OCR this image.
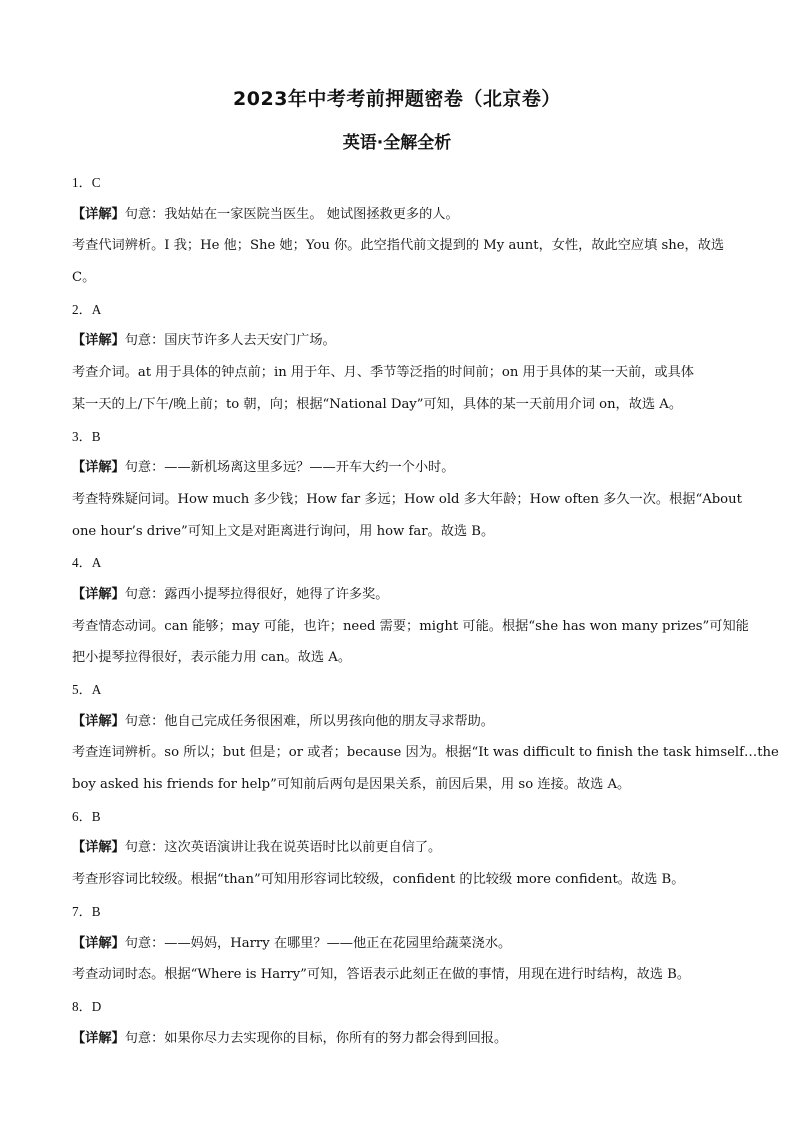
2023年中考考前押题密卷（北京卷）
英语·全解全析
1．C
【详解】句意：我姑姑在一家医院当医生。 她试图拯救更多的人。
考查代词辨析。I 我；He 他；She 她；You 你。此空指代前文提到的 My aunt，女性，故此空应填 she，故选
C。
2．A
【详解】句意：国庆节许多人去天安门广场。
考查介词。at 用于具体的钟点前；in 用于年、月、季节等泛指的时间前；on 用于具体的某一天前，或具体
某一天的上/下午/晚上前；to 朝，向；根据“National Day”可知，具体的某一天前用介词 on，故选 A。
3．B
【详解】句意：——新机场离这里多远？——开车大约一个小时。
考查特殊疑问词。How much 多少钱；How far 多远；How old 多大年龄；How often 多久一次。根据“About
one hour’s drive”可知上文是对距离进行询问，用 how far。故选 B。
4．A
【详解】句意：露西小提琴拉得很好，她得了许多奖。
考查情态动词。can 能够；may 可能，也许；need 需要；might 可能。根据“she has won many prizes”可知能
把小提琴拉得很好，表示能力用 can。故选 A。
5．A
【详解】句意：他自己完成任务很困难，所以男孩向他的朋友寻求帮助。
考查连词辨析。so 所以；but 但是；or 或者；because 因为。根据“It was difficult to finish the task himself…the
boy asked his friends for help”可知前后两句是因果关系，前因后果，用 so 连接。故选 A。
6．B
【详解】句意：这次英语演讲让我在说英语时比以前更自信了。
考查形容词比较级。根据“than”可知用形容词比较级，confident 的比较级 more confident。故选 B。
7．B
【详解】句意：——妈妈，Harry 在哪里？——他正在花园里给蔬菜浇水。
考查动词时态。根据“Where is Harry”可知，答语表示此刻正在做的事情，用现在进行时结构，故选 B。
8．D
【详解】句意：如果你尽力去实现你的目标，你所有的努力都会得到回报。
